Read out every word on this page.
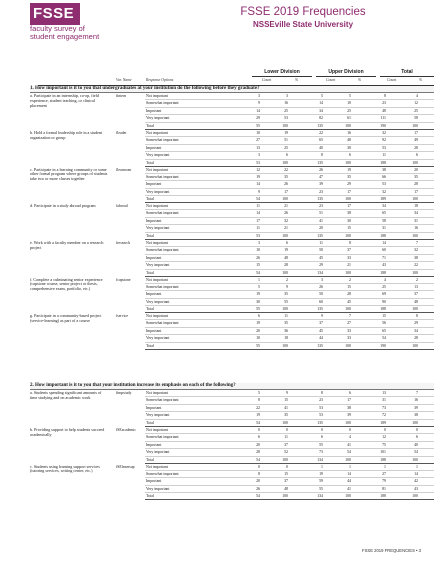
FSSE
faculty survey of
student engagement
FSSE 2019 Frequencies
NSSEville State University
Lower Division	Upper Division	Total
Var. Name	Response Options	Count	%	Count	%	Count	%
1. How important is it to you that undergraduates at your institution do the following before they graduate?
2. How important is it to you that your institution increase its emphasis on each of the following?
a. Participate in an internship, co-op, field experience, student teaching, or clinical placement
fintern	Not important	3	3	5	5	8	4
Somewhat important	9	16	14	10	23	12
Important	14	25	34	25	48	25
Very important	29	53	82	61	111	58
Total	55	100	135	100	190	100
b. Hold a formal leadership role in a student organization or group
fleader	Not important	10	19	22	16	32	17
Somewhat important	27	51	65	48	92	49
Important	13	25	40	30	53	28
Very important	3	6	8	6	11	6
Total	53	100	135	100	188	100
c. Participate in a learning community or some other formal program where groups of students take two or more classes together
flearncom	Not important	12	22	26	19	38	20
Somewhat important	19	35	47	35	66	35
Important	14	26	39	29	53	28
Very important	9	17	23	17	32	17
Total	54	100	135	100	189	100
d. Participate in a study abroad program	fabroad	Not important	11	21	23	17	34	18
Somewhat important	14	26	51	38	65	34
Important	17	32	41	30	58	31
Very important	11	21	20	15	31	16
Total	53	100	135	100	188	100
e. Work with a faculty member on a research project
fresearch	Not important	3	6	11	8	14	7
Somewhat important	10	19	50	37	60	32
Important	26	48	45	33	71	38
Very important	15	28	29	21	43	22
Total	54	100	134	100	188	100
f. Complete a culminating senior experience (capstone course, senior project or thesis, comprehensive exam, portfolio, etc.)
fcapstone	Not important	1	2	3	2	4	2
Somewhat important	5	9	26	15	25	13
Important	19	35	50	28	69	37
Very important	30	55	60	45	90	48
Total	55	100	135	100	188	100
g. Participate in a community-based project (service-learning) as part of a course
fservice	Not important	6	11	9	7	15	8
Somewhat important	19	35	37	27	56	29
Important	20	36	45	33	65	34
Very important	10	18	44	33	54	28
Total	55	100	135	100	190	100
a. Students spending significant amounts of time studying and on academic work
fimpstudy	Not important	5	9	8	6	13	7
Somewhat important	8	15	23	17	31	16
Important	22	41	53	38	73	39
Very important	19	35	53	39	72	38
Total	54	100	135	100	189	100
b. Providing support to help students succeed academically
fSEacademic	Not important	0	0	0	0	0	0
Somewhat important	6	11	6	4	12	6
Important	20	37	55	41	75	40
Very important	28	52	73	54	101	54
Total	54	100	134	100	188	100
c. Students using learning support services (tutoring services, writing center, etc.)
fSElearnsup	Not important	0	0	1	1	1	1
Somewhat important	8	15	19	14	27	14
Important	20	37	59	44	79	42
Very important	26	48	55	41	81	43
Total	54	100	134	100	188	100
FSSE 2019 FREQUENCIES • 3
